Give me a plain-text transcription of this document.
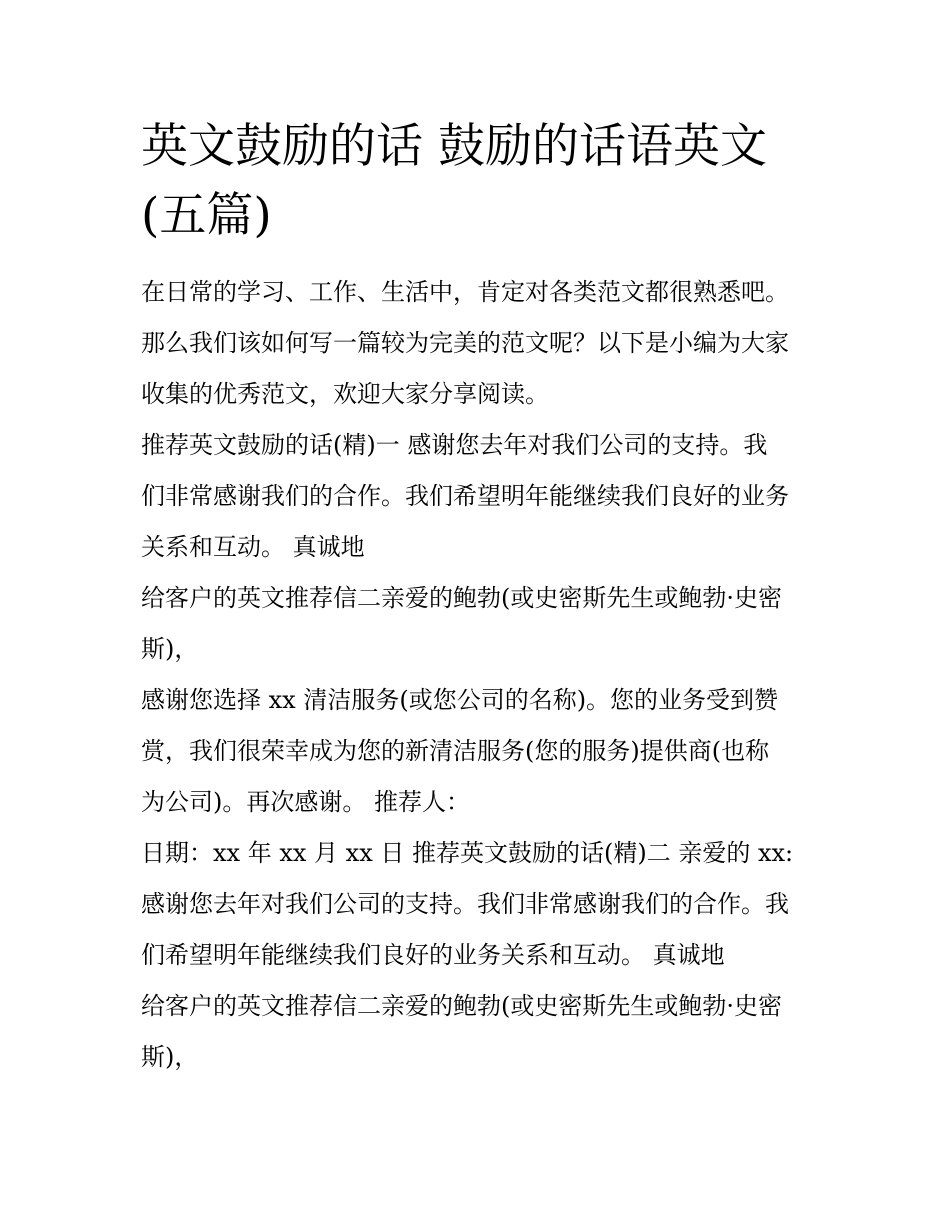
英文鼓励的话 鼓励的话语英文
(五篇)
在日常的学习、工作、生活中，肯定对各类范文都很熟悉吧。
那么我们该如何写一篇较为完美的范文呢？以下是小编为大家
收集的优秀范文，欢迎大家分享阅读。
推荐英文鼓励的话(精)一 感谢您去年对我们公司的支持。我
们非常感谢我们的合作。我们希望明年能继续我们良好的业务
关系和互动。 真诚地
给客户的英文推荐信二亲爱的鲍勃(或史密斯先生或鲍勃·史密
斯)，
感谢您选择 xx 清洁服务(或您公司的名称)。您的业务受到赞
赏，我们很荣幸成为您的新清洁服务(您的服务)提供商(也称
为公司)。再次感谢。 推荐人：
日期：xx 年 xx 月 xx 日 推荐英文鼓励的话(精)二 亲爱的 xx:
感谢您去年对我们公司的支持。我们非常感谢我们的合作。我
们希望明年能继续我们良好的业务关系和互动。 真诚地
给客户的英文推荐信二亲爱的鲍勃(或史密斯先生或鲍勃·史密
斯)，
